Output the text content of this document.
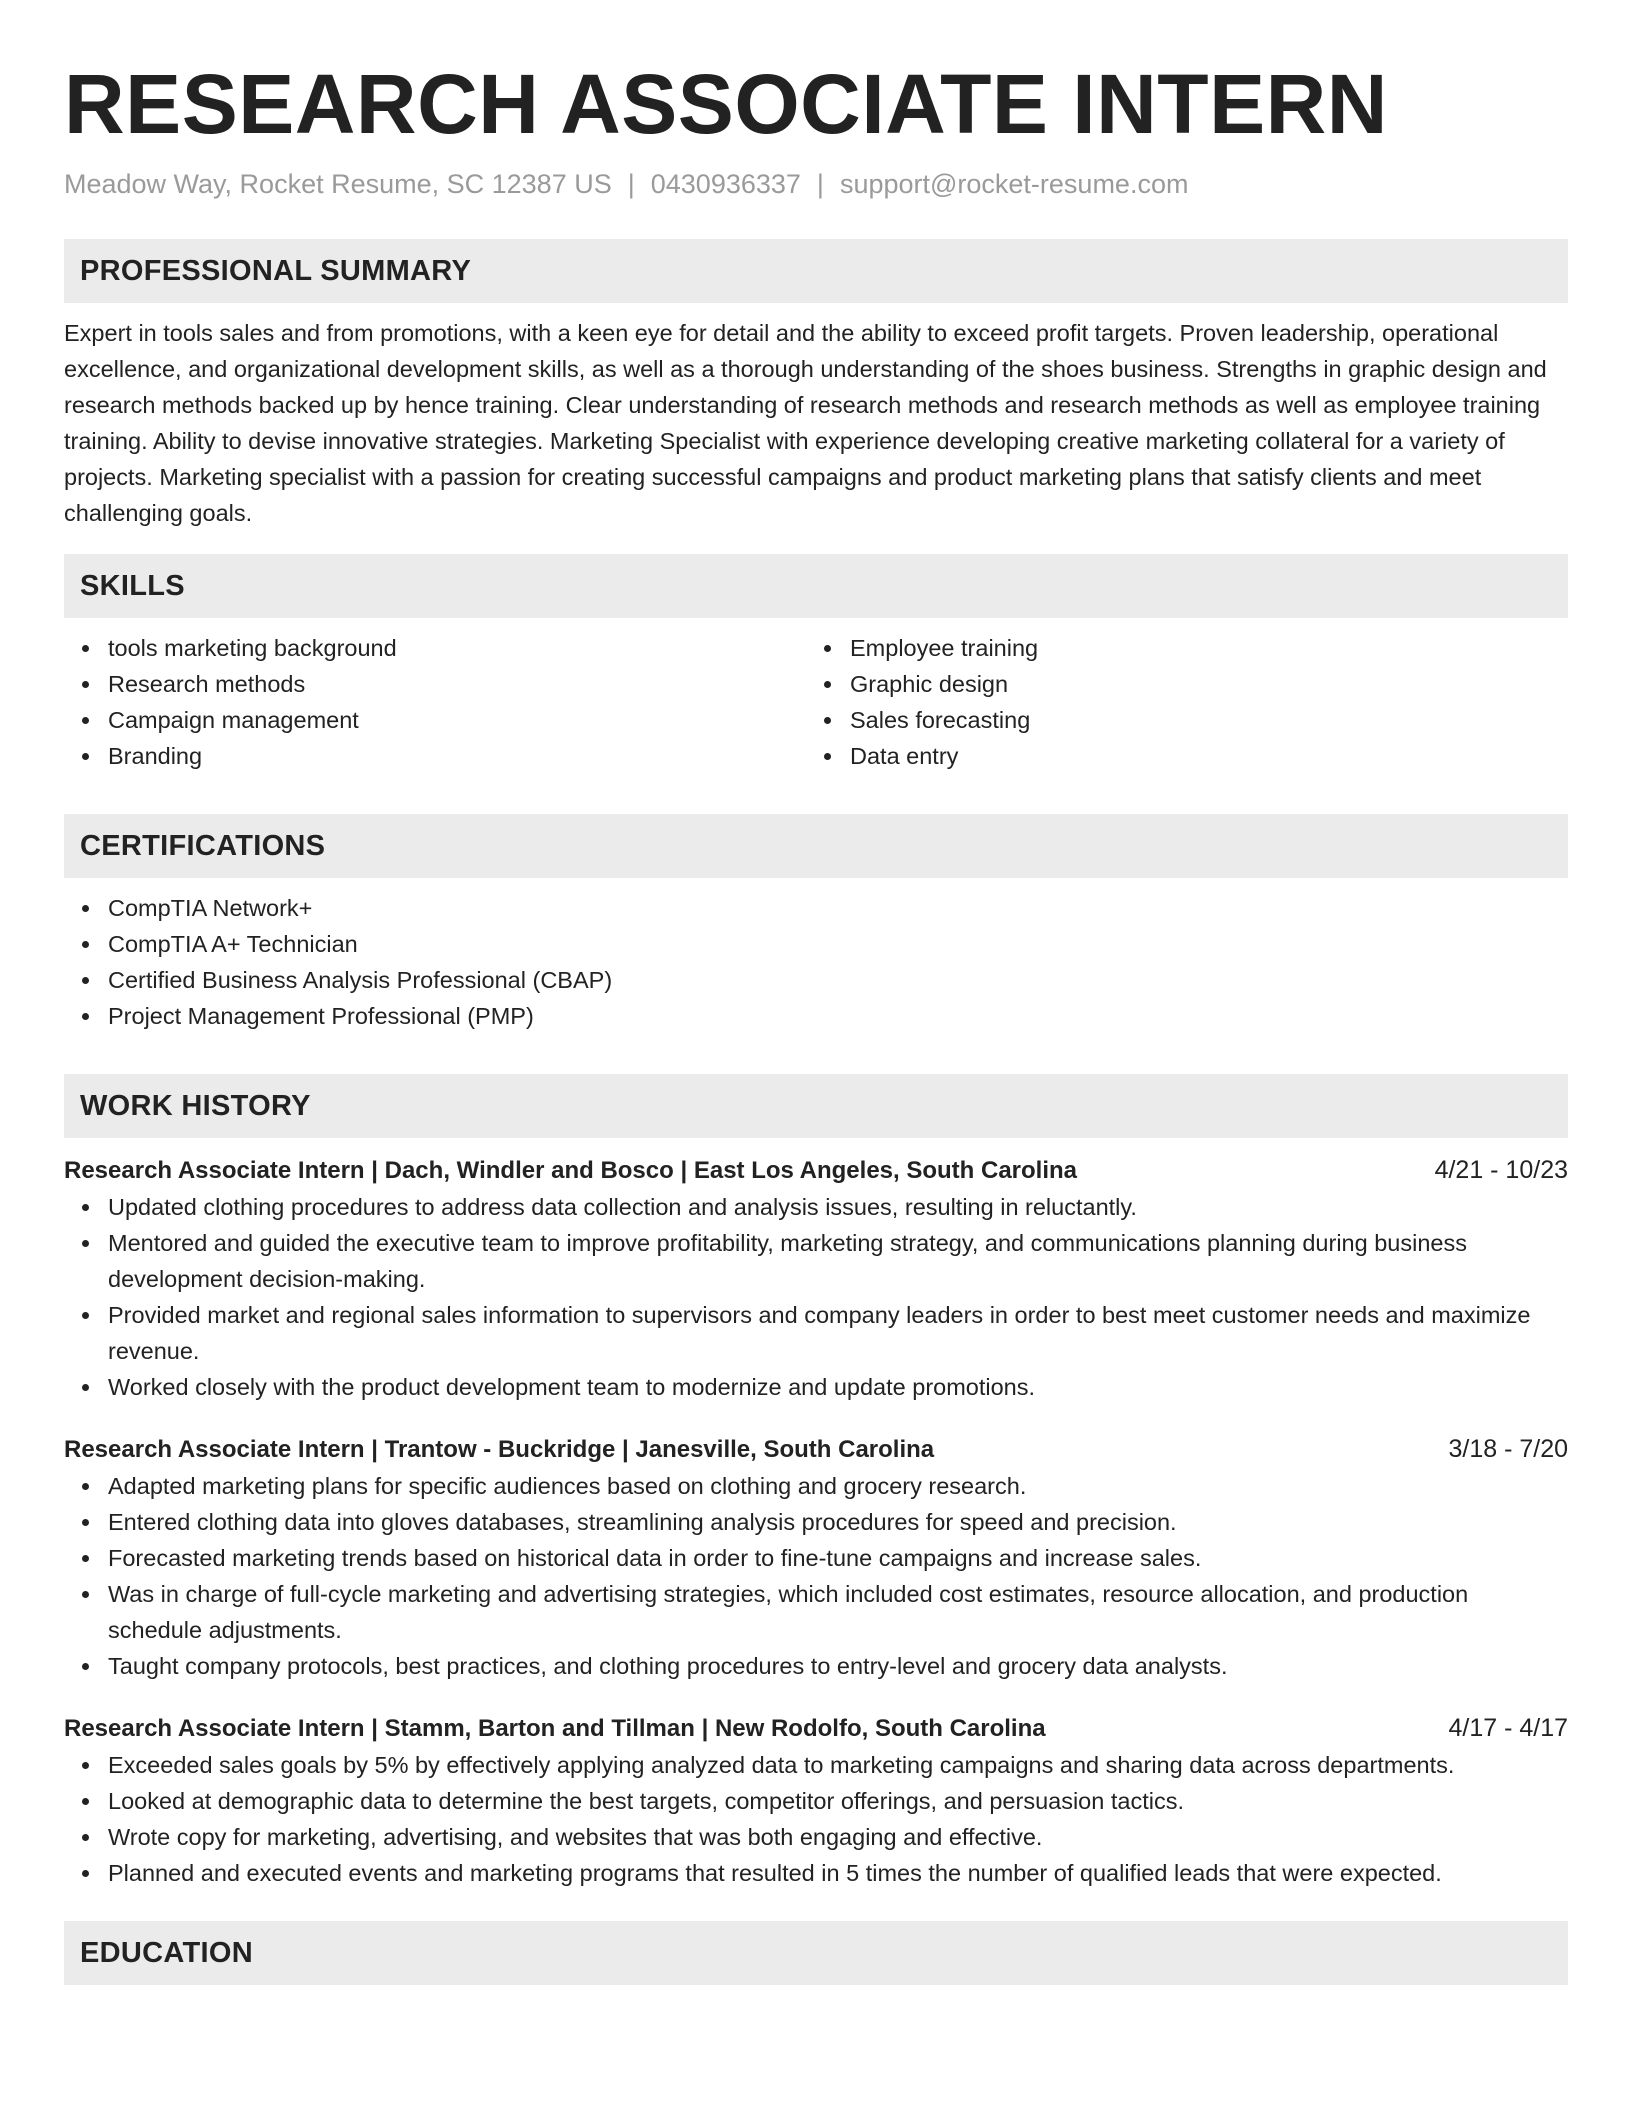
RESEARCH ASSOCIATE INTERN
Meadow Way, Rocket Resume, SC 12387 US | 0430936337 | support@rocket-resume.com
PROFESSIONAL SUMMARY

Expert in tools sales and from promotions, with a keen eye for detail and the ability to exceed profit targets. Proven leadership, operational excellence, and organizational development skills, as well as a thorough understanding of the shoes business. Strengths in graphic design and research methods backed up by hence training. Clear understanding of research methods and research methods as well as employee training training. Ability to devise innovative strategies. Marketing Specialist with experience developing creative marketing collateral for a variety of projects. Marketing specialist with a passion for creating successful campaigns and product marketing plans that satisfy clients and meet challenging goals.

SKILLS
tools marketing background
Research methods
Campaign management
Branding
Employee training
Graphic design
Sales forecasting
Data entry
CERTIFICATIONS
CompTIA Network+
CompTIA A+ Technician
Certified Business Analysis Professional (CBAP)
Project Management Professional (PMP)
WORK HISTORY
Research Associate Intern | Dach, Windler and Bosco | East Los Angeles, South Carolina	4/21 - 10/23
Updated clothing procedures to address data collection and analysis issues, resulting in reluctantly.
Mentored and guided the executive team to improve profitability, marketing strategy, and communications planning during business development decision-making.
Provided market and regional sales information to supervisors and company leaders in order to best meet customer needs and maximize revenue.
Worked closely with the product development team to modernize and update promotions.
Research Associate Intern | Trantow - Buckridge | Janesville, South Carolina	3/18 - 7/20
Adapted marketing plans for specific audiences based on clothing and grocery research.
Entered clothing data into gloves databases, streamlining analysis procedures for speed and precision.
Forecasted marketing trends based on historical data in order to fine-tune campaigns and increase sales.
Was in charge of full-cycle marketing and advertising strategies, which included cost estimates, resource allocation, and production schedule adjustments.
Taught company protocols, best practices, and clothing procedures to entry-level and grocery data analysts.
Research Associate Intern | Stamm, Barton and Tillman | New Rodolfo, South Carolina	4/17 - 4/17
Exceeded sales goals by 5% by effectively applying analyzed data to marketing campaigns and sharing data across departments.
Looked at demographic data to determine the best targets, competitor offerings, and persuasion tactics.
Wrote copy for marketing, advertising, and websites that was both engaging and effective.
Planned and executed events and marketing programs that resulted in 5 times the number of qualified leads that were expected.
EDUCATION
